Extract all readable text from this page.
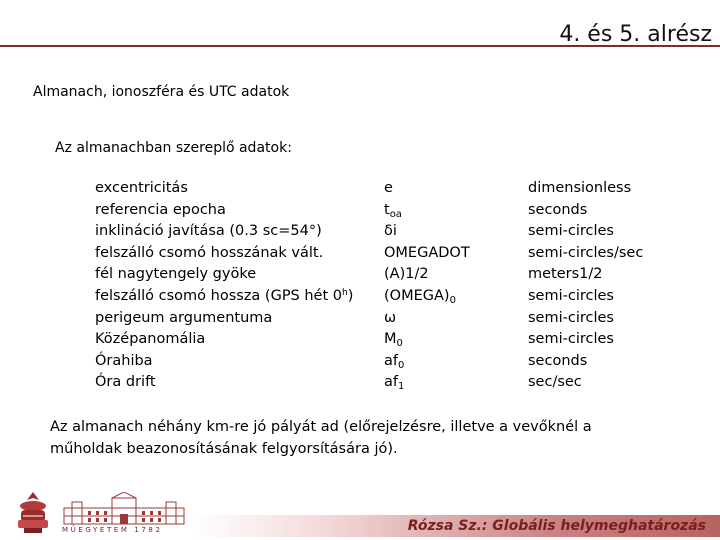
4. és 5. alrész
Almanach, ionoszféra és UTC adatok
Az almanachban szereplő adatok:
excentricitás
referencia epocha
inklináció javítása (0.3 sc=54°)
felszálló csomó hosszának vált.
fél nagytengely gyöke
felszálló csomó hossza (GPS hét 0$^h$)
perigeum argumentuma
Középanomália
Órahiba
Óra drift
e
$t_{oa}$
δi
OMEGADOT
(A)1/2
$(OMEGA)_0$
ω
$M_0$
$af_0$
$af_1$
dimensionless
seconds
semi-circles
semi-circles/sec
meters1/2
semi-circles
semi-circles
semi-circles
seconds
sec/sec
Az almanach néhány km-re jó pályát ad (előrejelzésre, illetve a vevőknél a műholdak beazonosításának felgyorsítására jó).
MŰEGYETEM 1782	Rózsa Sz.: Globális helymeghatározás
